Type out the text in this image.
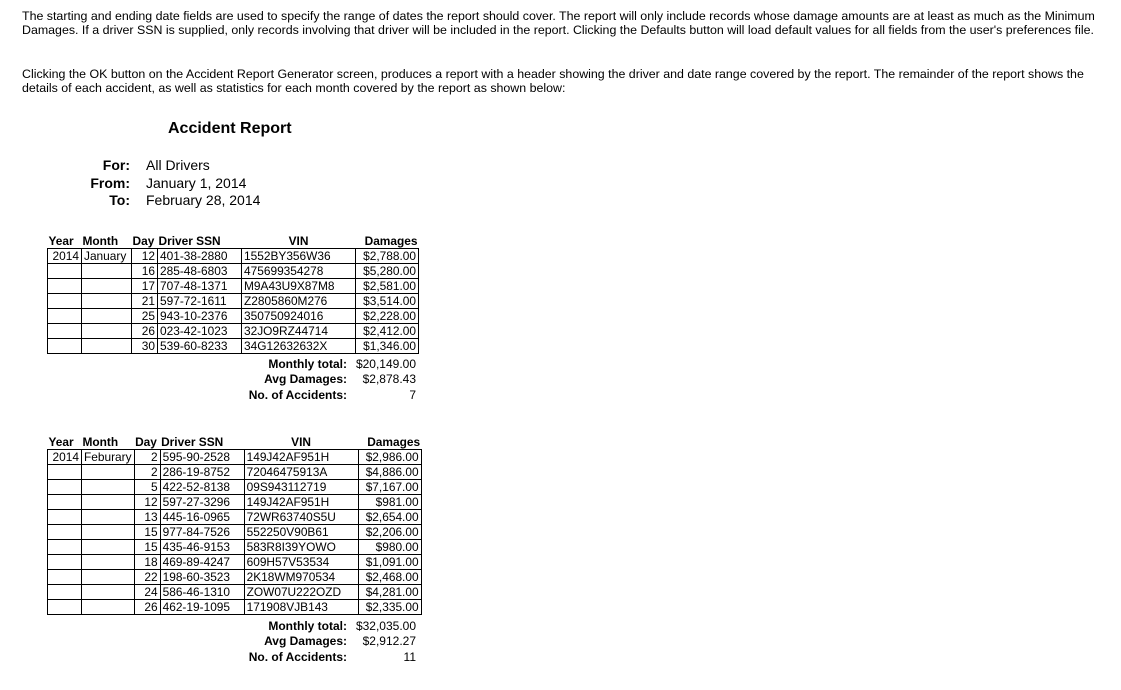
The starting and ending date fields are used to specify the range of dates the report should cover. The report will only include records whose damage amounts are at least as much as the Minimum Damages. If a driver SSN is supplied, only records involving that driver will be included in the report. Clicking the Defaults button will load default values for all fields from the user's preferences file.

Clicking the OK button on the Accident Report Generator screen, produces a report with a header showing the driver and date range covered by the report. The remainder of the report shows the details of each accident, as well as statistics for each month covered by the report as shown below:

Accident Report
For: All Drivers
From: January 1, 2014
To: February 28, 2014
Year	Month	Day	Driver SSN	VIN	Damages
2014	January	12	401-38-2880	1552BY356W36	$2,788.00
		16	285-48-6803	475699354278	$5,280.00
		17	707-48-1371	M9A43U9X87M8	$2,581.00
		21	597-72-1611	Z2805860M276	$3,514.00
		25	943-10-2376	350750924016	$2,228.00
		26	023-42-1023	32JO9RZ44714	$2,412.00
		30	539-60-8233	34G12632632X	$1,346.00
Monthly total: $20,149.00
Avg Damages: $2,878.43
No. of Accidents:	7
Year	Month	Day	Driver SSN	VIN	Damages
2014	Feburary	2	595-90-2528	149J42AF951H	$2,986.00
		2	286-19-8752	72046475913A	$4,886.00
		5	422-52-8138	09S943112719	$7,167.00
		12	597-27-3296	149J42AF951H	$981.00
		13	445-16-0965	72WR63740S5U	$2,654.00
		15	977-84-7526	552250V90B61	$2,206.00
		15	435-46-9153	583R8I39YOWO	$980.00
		18	469-89-4247	609H57V53534	$1,091.00
		22	198-60-3523	2K18WM970534	$2,468.00
		24	586-46-1310	ZOW07U222OZD	$4,281.00
		26	462-19-1095	171908VJB143	$2,335.00
Monthly total: $32,035.00
Avg Damages: $2,912.27
No. of Accidents:	11
